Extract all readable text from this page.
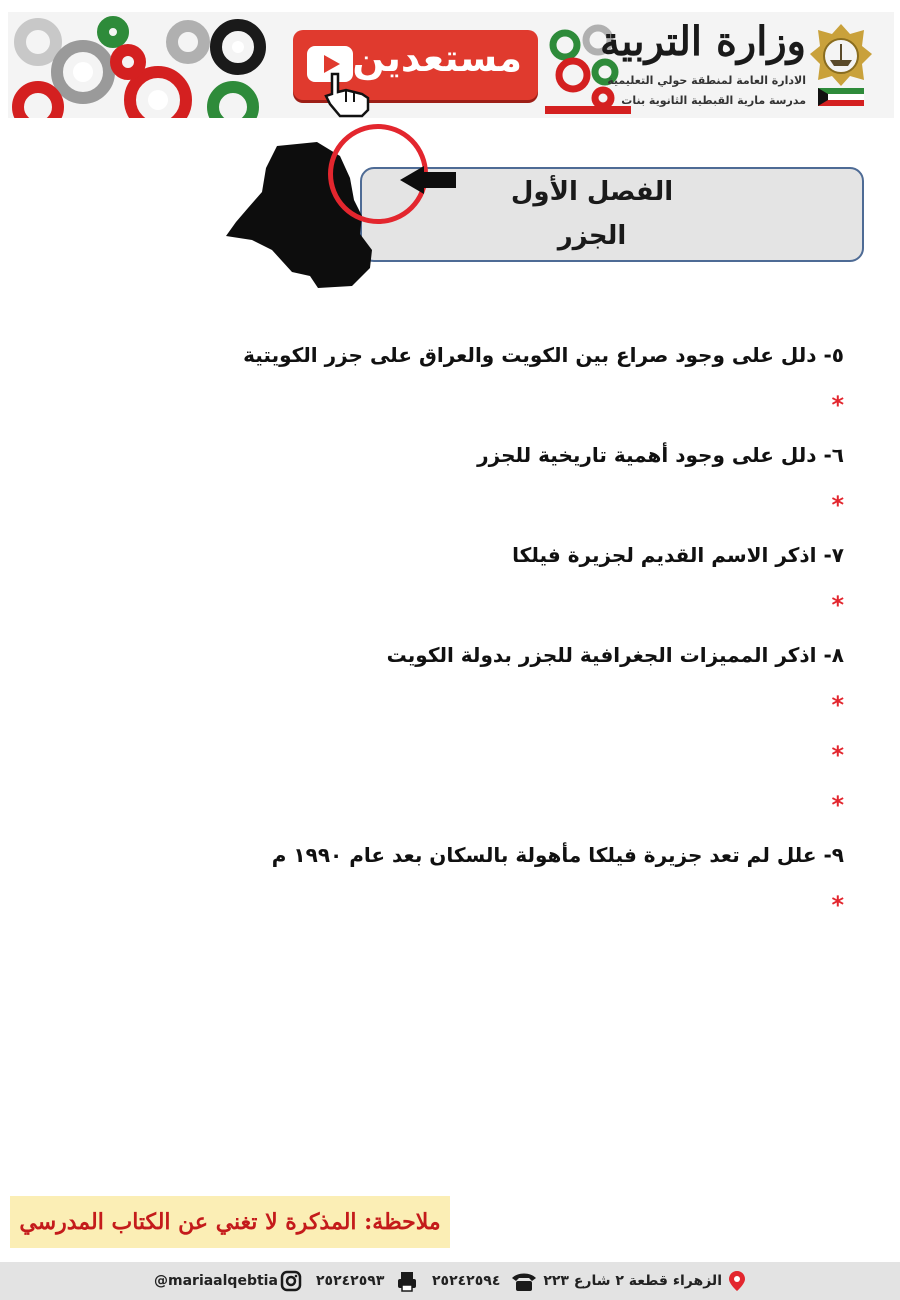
مستعدين وزارة التربية
الادارة العامة لمنطقة حولي التعليمية
مدرسة مارية القبطية الثانوية بنات
الفصل الأول
الجزر
٥- دلل على وجود صراع بين الكويت والعراق على جزر الكويتية
*
٦- دلل على وجود أهمية تاريخية للجزر
*
٧- اذكر الاسم القديم لجزيرة فيلكا
*
٨- اذكر المميزات الجغرافية للجزر بدولة الكويت
*
*
*
٩- علل لم تعد جزيرة فيلكا مأهولة بالسكان بعد عام ١٩٩٠ م
*
ملاحظة: المذكرة لا تغني عن الكتاب المدرسي
الزهراء قطعة ٢ شارع ٢٢٣
٢٥٢٤٢٥٩٤
٢٥٢٤٢٥٩٣
@mariaalqebtia
